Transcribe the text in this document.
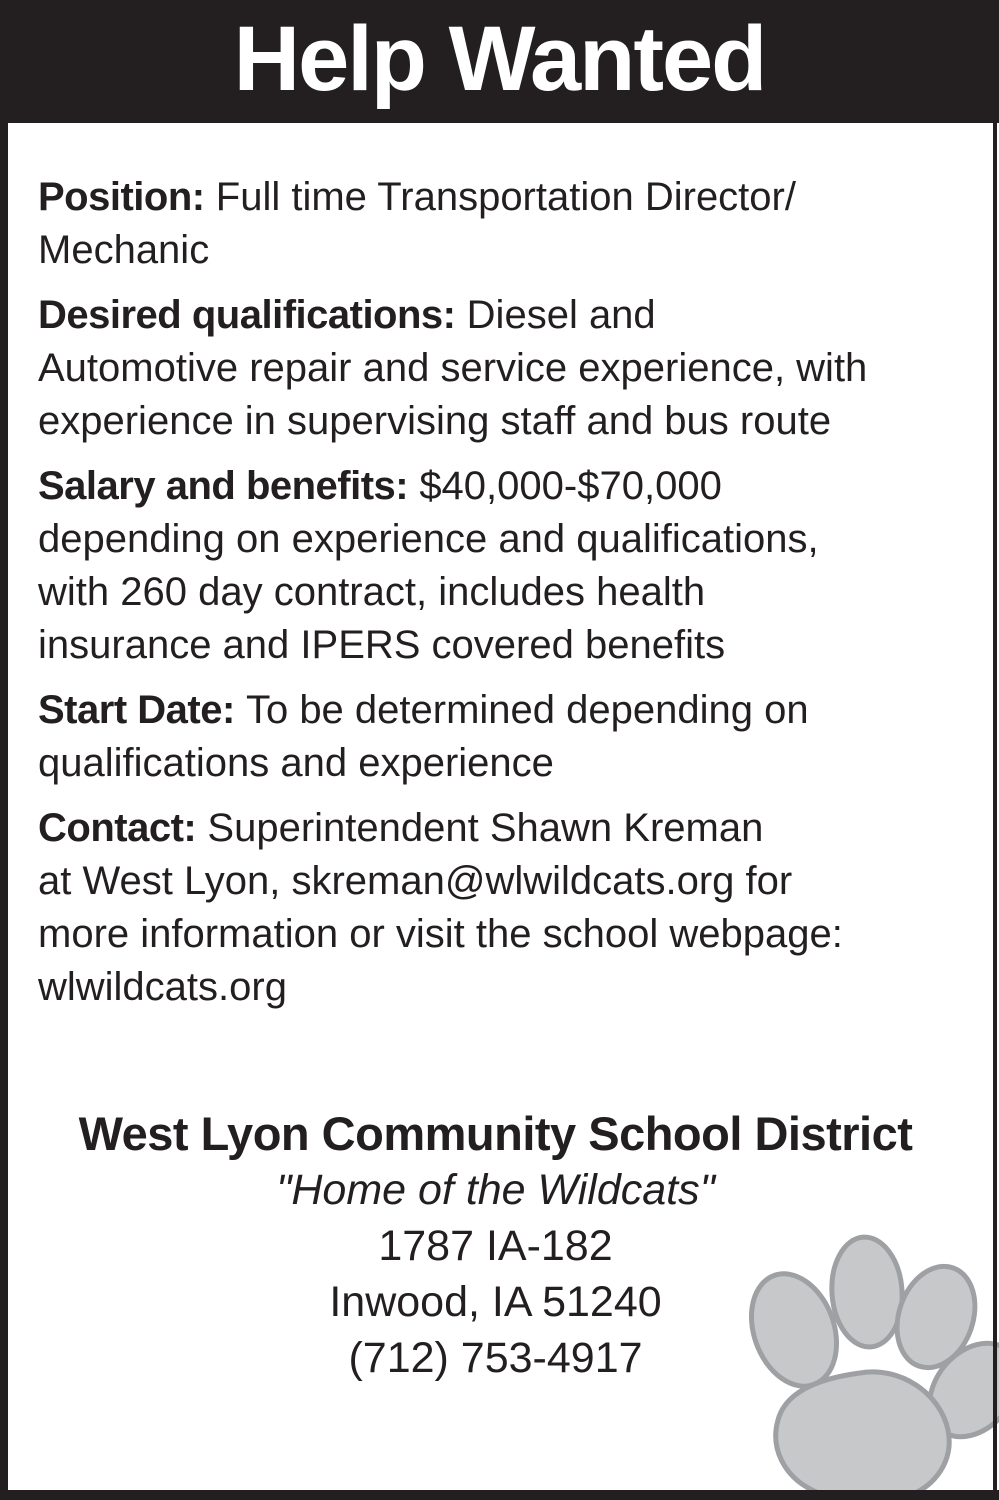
Help Wanted
Position: Full time Transportation Director/
Mechanic
Desired qualifications: Diesel and
Automotive repair and service experience, with
experience in supervising staff and bus route
Salary and benefits: $40,000-$70,000
depending on experience and qualifications,
with 260 day contract, includes health
insurance and IPERS covered benefits
Start Date: To be determined depending on
qualifications and experience
Contact: Superintendent Shawn Kreman
at West Lyon, skreman@wlwildcats.org for
more information or visit the school webpage:
wlwildcats.org
West Lyon Community School District
"Home of the Wildcats"
1787 IA-182
Inwood, IA 51240
(712) 753-4917
